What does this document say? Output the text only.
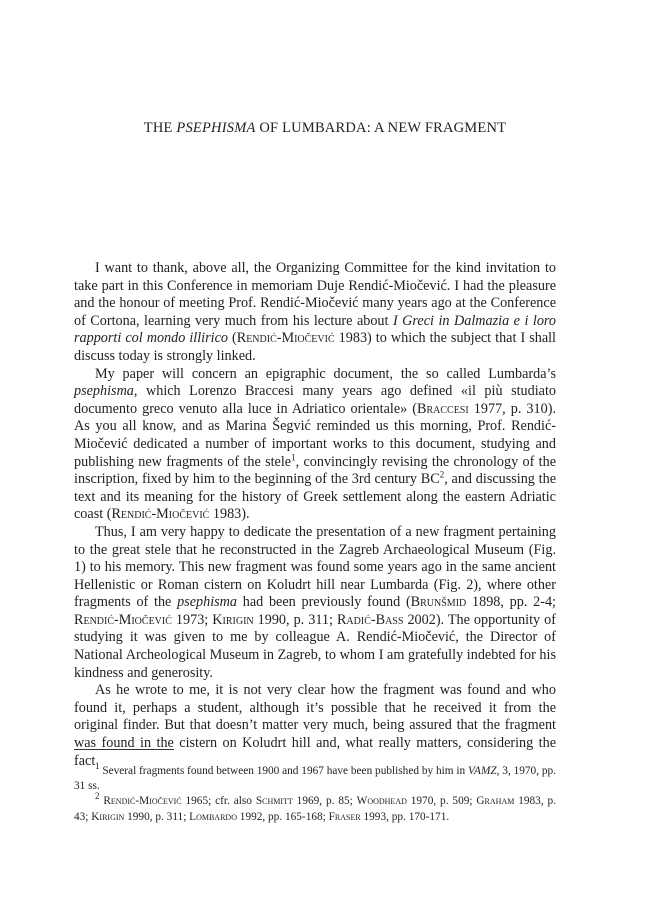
THE PSEPHISMA OF LUMBARDA: A NEW FRAGMENT

I want to thank, above all, the Organizing Committee for the kind invitation to take part in this Conference in memoriam Duje Rendić-Miočević. I had the pleasure and the honour of meeting Prof. Rendić-Miočević many years ago at the Conference of Cortona, learning very much from his lecture about I Greci in Dalmazia e i loro rapporti col mondo illirico (Rendić-Miočević 1983) to which the subject that I shall discuss today is strongly linked.

My paper will concern an epigraphic document, the so called Lumbarda’s psephisma, which Lorenzo Braccesi many years ago defined «il più studiato documento greco venuto alla luce in Adriatico orientale» (Braccesi 1977, p. 310). As you all know, and as Marina Šegvić reminded us this morning, Prof. Rendić-Miočević dedicated a number of important works to this document, studying and publishing new fragments of the stele$^1$, convincingly revising the chronology of the inscription, fixed by him to the beginning of the 3rd century $BC^2$, and discussing the text and its meaning for the history of Greek settlement along the eastern Adriatic coast (Rendić-Miočević 1983).

Thus, I am very happy to dedicate the presentation of a new fragment pertaining to the great stele that he reconstructed in the Zagreb Archaeological Museum (Fig. 1) to his memory. This new fragment was found some years ago in the same ancient Hellenistic or Roman cistern on Koludrt hill near Lumbarda (Fig. 2), where other fragments of the psephisma had been previously found (Brunšmid 1898, pp. 2-4; Rendić-Miočević 1973; Kirigin 1990, p. 311; Radić-Bass 2002). The opportunity of studying it was given to me by colleague A. Rendić-Miočević, the Director of National Archeological Museum in Zagreb, to whom I am gratefully indebted for his kindness and generosity.

As he wrote to me, it is not very clear how the fragment was found and who found it, perhaps a student, although it’s possible that he received it from the original finder. But that doesn’t matter very much, being assured that the fragment was found in the cistern on Koludrt hill and, what really matters, considering the fact $^1$ Several fragments found between 1900 and 1967 have been published by him in VAMZ, 3, 1970, pp. 31 ss.

$^2$ Rendić-Miočević 1965; cfr. also Schmitt 1969, p. 85; Woodhead 1970, p. 509; Graham 1983, p. 43; Kirigin 1990, p. 311; Lombardo 1992, pp. 165-168; Fraser 1993, pp. 170-171.
